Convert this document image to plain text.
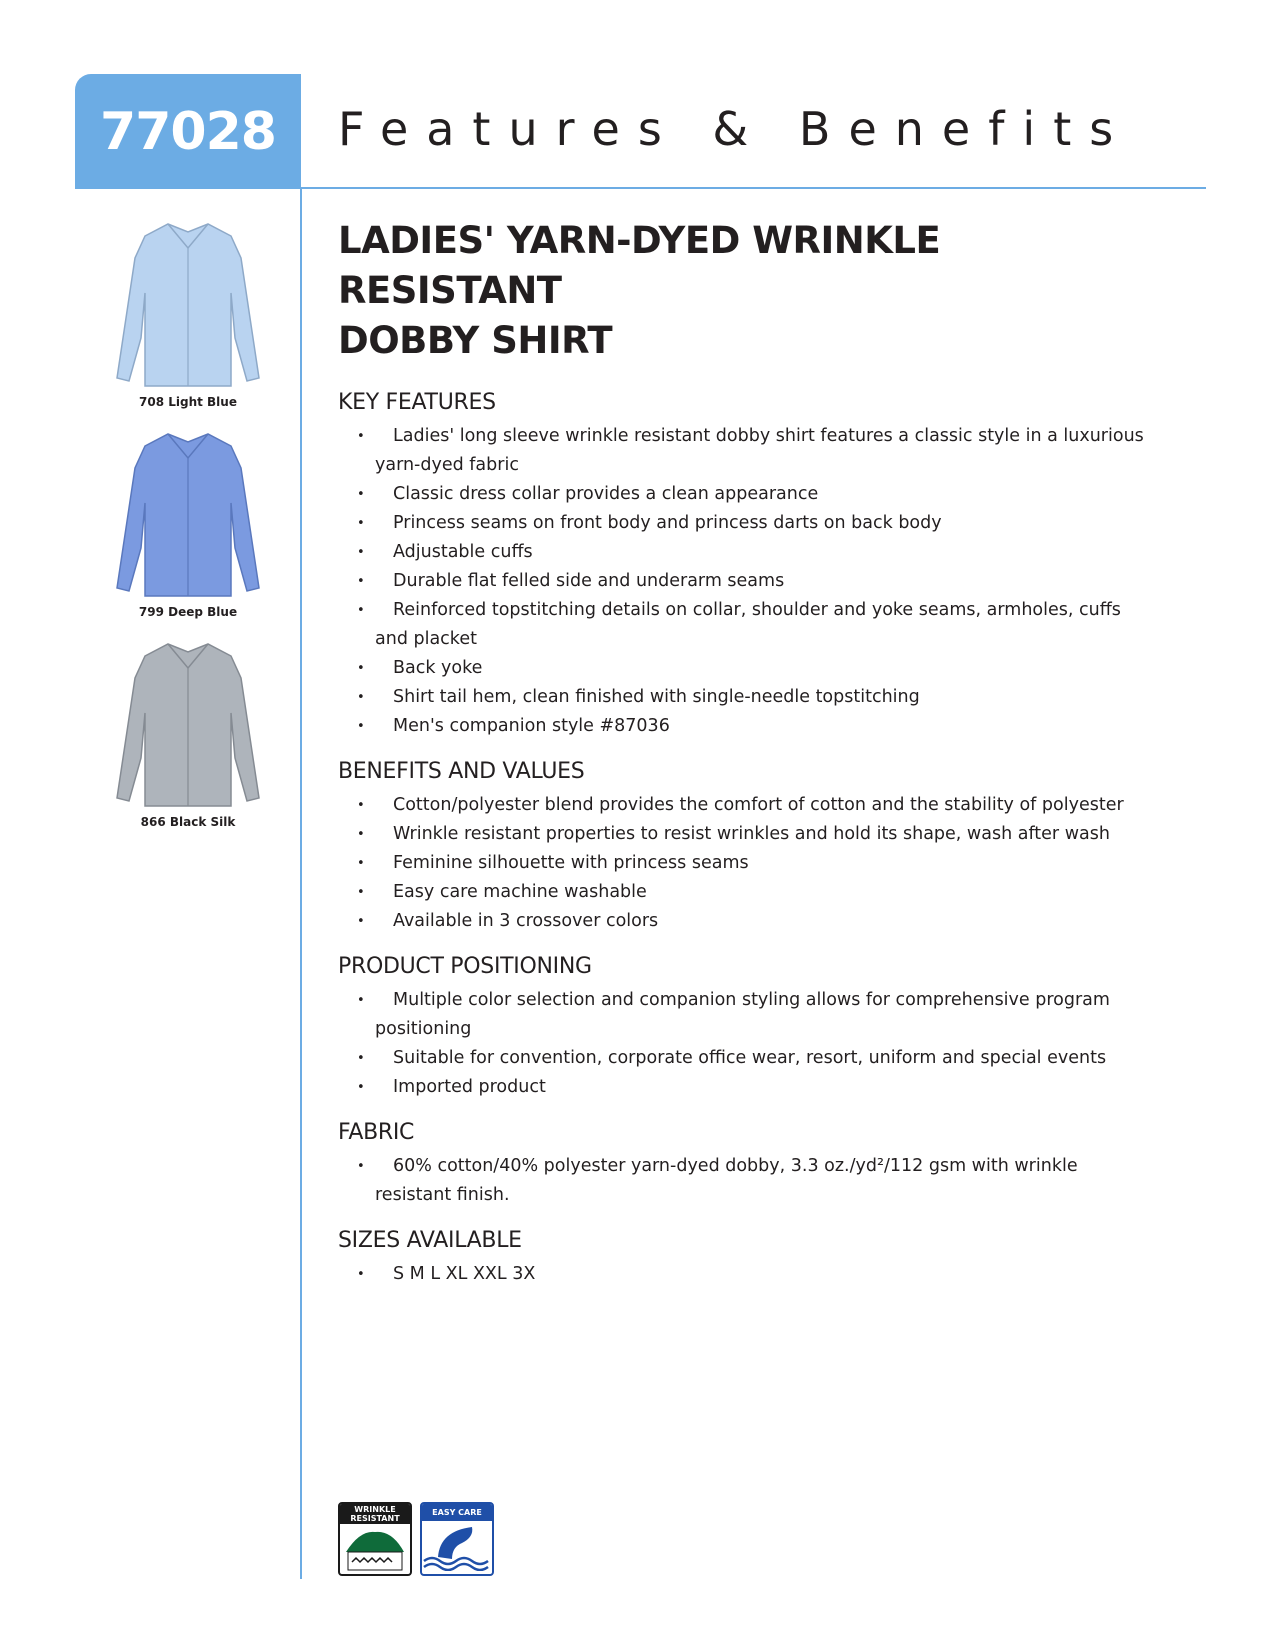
77028 Features & Benefits
708 Light Blue
799 Deep Blue
866 Black Silk
LADIES' YARN-DYED WRINKLE RESISTANT
DOBBY SHIRT
KEY FEATURES
• Ladies' long sleeve wrinkle resistant dobby shirt features a classic style in a luxurious yarn-dyed fabric
• Classic dress collar provides a clean appearance
• Princess seams on front body and princess darts on back body
• Adjustable cuffs
• Durable flat felled side and underarm seams
• Reinforced topstitching details on collar, shoulder and yoke seams, armholes, cuffs and placket
• Back yoke
• Shirt tail hem, clean finished with single-needle topstitching
• Men's companion style #87036
BENEFITS AND VALUES
• Cotton/polyester blend provides the comfort of cotton and the stability of polyester
• Wrinkle resistant properties to resist wrinkles and hold its shape, wash after wash
• Feminine silhouette with princess seams
• Easy care machine washable
• Available in 3 crossover colors
PRODUCT POSITIONING
• Multiple color selection and companion styling allows for comprehensive program positioning
• Suitable for convention, corporate office wear, resort, uniform and special events
• Imported product
FABRIC
• 60% cotton/40% polyester yarn-dyed dobby, 3.3 oz./yd²/112 gsm with wrinkle resistant finish.
SIZES AVAILABLE
• S M L XL XXL 3X
WRINKLE RESISTANT
EASY CARE
